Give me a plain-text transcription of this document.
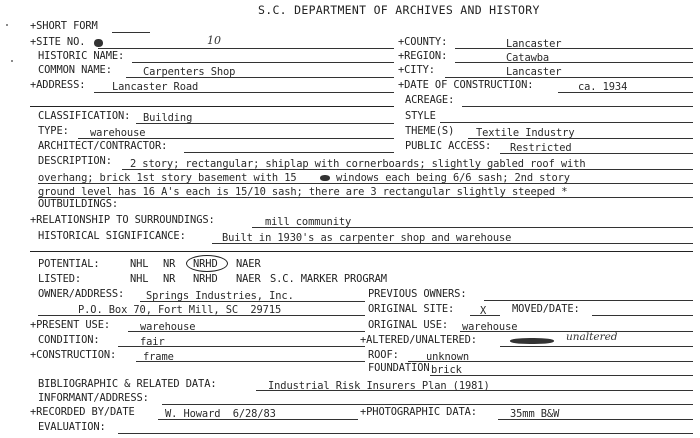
S.C. DEPARTMENT OF ARCHIVES AND HISTORY
+SHORT FORM
+SITE NO.	10	+COUNTY:	Lancaster
HISTORIC NAME:	+REGION:	Catawba
COMMON NAME:	Carpenters Shop	+CITY:	Lancaster
+ADDRESS:	Lancaster Road	+DATE OF CONSTRUCTION:	ca. 1934
ACREAGE:
CLASSIFICATION: Building	STYLE
TYPE: warehouse	THEME(S) Textile Industry
ARCHITECT/CONTRACTOR:	PUBLIC ACCESS: Restricted
DESCRIPTION: 2 story; rectangular; shiplap with cornerboards; slightly gabled roof with
overhang; brick 1st story basement with 15	windows each being 6/6 sash; 2nd story
ground level has 16 A's each is 15/10 sash; there are 3 rectangular slightly steeped *
OUTBUILDINGS:
+RELATIONSHIP TO SURROUNDINGS:	mill community
HISTORICAL SIGNIFICANCE:	Built in 1930's as carpenter shop and warehouse
POTENTIAL:	NHL NR NRHD NAER
LISTED:	NHL NR NRHD NAER S.C. MARKER PROGRAM
OWNER/ADDRESS: Springs Industries, Inc.	PREVIOUS OWNERS:
P.O. Box 70, Fort Mill, SC  29715	ORIGINAL SITE: X MOVED/DATE:
+PRESENT USE:	warehouse	ORIGINAL USE: warehouse
CONDITION:	fair	+ALTERED/UNALTERED:	unaltered
+CONSTRUCTION:	frame	ROOF:	unknown
FOUNDATION brick
BIBLIOGRAPHIC & RELATED DATA:	Industrial Risk Insurers Plan (1981)
INFORMANT/ADDRESS:
+RECORDED BY/DATE	W. Howard  6/28/83	+PHOTOGRAPHIC DATA:	35mm B&W
EVALUATION:
